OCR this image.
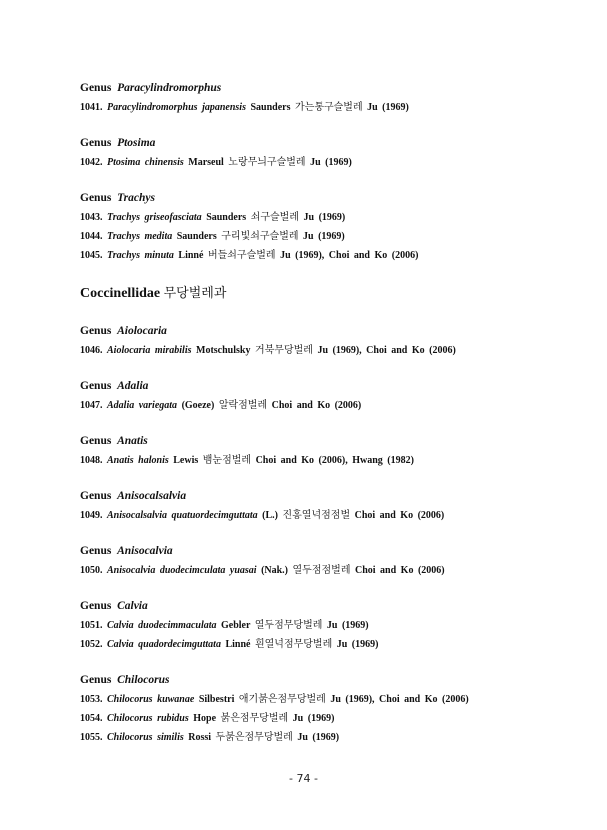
Genus Paracylindromorphus
1041. Paracylindromorphus japanensis Saunders 가는통구슬벌레 Ju (1969)
Genus Ptosima
1042. Ptosima chinensis Marseul 노랑무늬구슬벌레 Ju (1969)
Genus Trachys
1043. Trachys griseofasciata Saunders 쇠구슬벌레 Ju (1969)
1044. Trachys medita Saunders 구리빛쇠구슬벌레 Ju (1969)
1045. Trachys minuta Linné 버들쇠구슬벌레 Ju (1969), Choi and Ko (2006)
Coccinellidae 무당벌레과
Genus Aiolocaria
1046. Aiolocaria mirabilis Motschulsky 거북무당벌레 Ju (1969), Choi and Ko (2006)
Genus Adalia
1047. Adalia variegata (Goeze) 알락점벌레 Choi and Ko (2006)
Genus Anatis
1048. Anatis halonis Lewis 뱀눈점벌레 Choi and Ko (2006), Hwang (1982)
Genus Anisocalsalvia
1049. Anisocalsalvia quatuordecimguttata (L.) 진홍열넉점점벌 Choi and Ko (2006)
Genus Anisocalvia
1050. Anisocalvia duodecimculata yuasai (Nak.) 열두점점벌레 Choi and Ko (2006)
Genus Calvia
1051. Calvia duodecimmaculata Gebler 열두점무당벌레 Ju (1969)
1052. Calvia quadordecimguttata Linné 흰열넉점무당벌레 Ju (1969)
Genus Chilocorus
1053. Chilocorus kuwanae Silbestri 애기붉은점무당벌레 Ju (1969), Choi and Ko (2006)
1054. Chilocorus rubidus Hope 붉은점무당벌레 Ju (1969)
1055. Chilocorus similis Rossi 두붉은점무당벌레 Ju (1969)
- 74 -
